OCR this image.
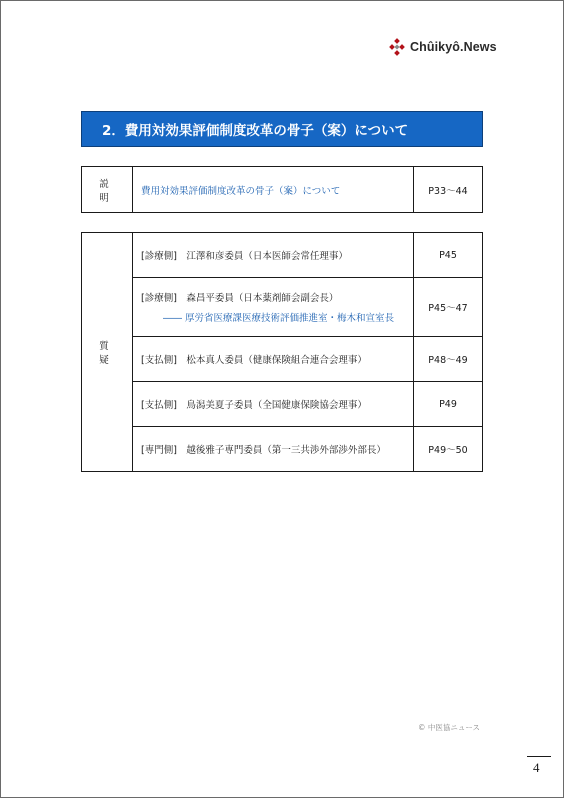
Chûikyô.News
2．費用対効果評価制度改革の骨子（案）について
説 明	費用対効果評価制度改革の骨子（案）について	P33～44
質 疑	[診療側]　江澤和彦委員（日本医師会常任理事）	P45

	[診療側]　森昌平委員（日本薬剤師会副会長）
―― 厚労省医療課医療技術評価推進室・梅木和宣室長	P45～47
	[支払側]　松本真人委員（健康保険組合連合会理事）	P48～49
	[支払側]　鳥潟美夏子委員（全国健康保険協会理事）	P49
	[専門側]　越後雅子専門委員（第一三共渉外部渉外部長）	P49～50
© 中医協ニュース
4
